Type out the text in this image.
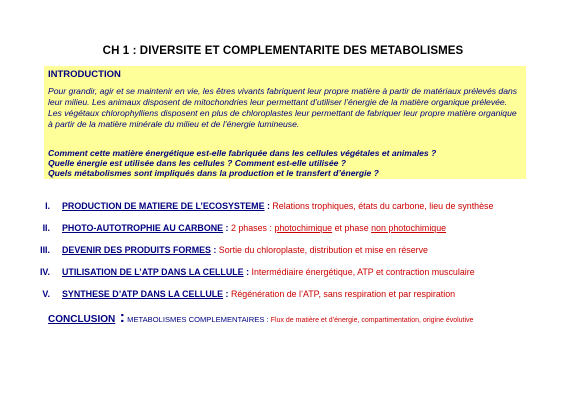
CH 1 : DIVERSITE ET COMPLEMENTARITE DES METABOLISMES
INTRODUCTION
Pour grandir, agir et se maintenir en vie, les êtres vivants fabriquent leur propre matière à partir de matériaux prélevés dans leur milieu. Les animaux disposent de mitochondries leur permettant d’utiliser l’énergie de la matière organique prélevée. Les végétaux chlorophylliens disposent en plus de chloroplastes leur permettant de fabriquer leur propre matière organique à partir de la matière minérale du milieu et de l’énergie lumineuse.
Comment cette matière énergétique est-elle fabriquée dans les cellules végétales et animales ?
Quelle énergie est utilisée dans les cellules ? Comment est-elle utilisée ?
Quels métabolismes sont impliqués dans la production et le transfert d’énergie ?
I. PRODUCTION DE MATIERE DE L’ECOSYSTEME : Relations trophiques, états du carbone, lieu de synthèse
II. PHOTO-AUTOTROPHIE AU CARBONE : 2 phases : photochimique et phase non photochimique
III. DEVENIR DES PRODUITS FORMES : Sortie du chloroplaste, distribution et mise en réserve
IV. UTILISATION DE L’ATP DANS LA CELLULE : Intermédiaire énergétique, ATP et contraction musculaire
V. SYNTHESE D’ATP DANS LA CELLULE : Régénération de l’ATP, sans respiration et par respiration
CONCLUSION : METABOLISMES COMPLEMENTAIRES : Flux de matière et d’énergie, compartimentation, origine évolutive
